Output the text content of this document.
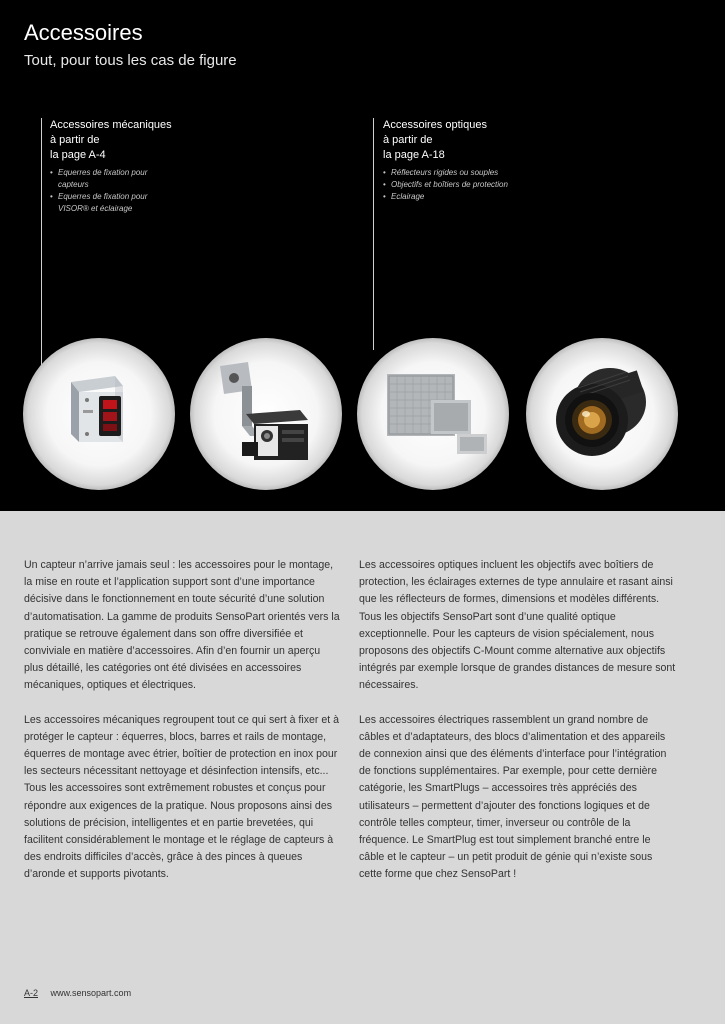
Accessoires

Tout, pour tous les cas de figure

Accessoires mécaniques
à partir de
la page A-4
• Equerres de fixation pour capteurs
• Equerres de fixation pour VISOR® et éclairage
Accessoires optiques
à partir de
la page A-18
• Réflecteurs rigides ou souples
• Objectifs et boîtiers de protection
• Eclairage

Un capteur n’arrive jamais seul : les accessoires pour le montage, la mise en route et l’application support sont d’une importance décisive dans le fonctionnement en toute sécurité d’une solution d’automatisation. La gamme de produits SensoPart orientés vers la pratique se retrouve également dans son offre diversifiée et conviviale en matière d’accessoires. Afin d’en fournir un aperçu plus détaillé, les catégories ont été divisées en accessoires mécaniques, optiques et électriques.

Les accessoires mécaniques regroupent tout ce qui sert à fixer et à protéger le capteur : équerres, blocs, barres et rails de montage, équerres de montage avec étrier, boîtier de protection en inox pour les secteurs nécessitant nettoyage et désinfection intensifs, etc... Tous les accessoires sont extrêmement robustes et conçus pour répondre aux exigences de la pratique. Nous proposons ainsi des solutions de précision, intelligentes et en partie brevetées, qui facilitent considérablement le montage et le réglage de capteurs à des endroits difficiles d’accès, grâce à des pinces à queues d’aronde et supports pivotants.

Les accessoires optiques incluent les objectifs avec boîtiers de protection, les éclairages externes de type annulaire et rasant ainsi que les réflecteurs de formes, dimensions et modèles différents. Tous les objectifs SensoPart sont d’une qualité optique exceptionnelle. Pour les capteurs de vision spécialement, nous proposons des objectifs C-Mount comme alternative aux objectifs intégrés par exemple lorsque de grandes distances de mesure sont nécessaires.

Les accessoires électriques rassemblent un grand nombre de câbles et d’adaptateurs, des blocs d’alimentation et des appareils de connexion ainsi que des éléments d’interface pour l’intégration de fonctions supplémentaires. Par exemple, pour cette dernière catégorie, les SmartPlugs – accessoires très appréciés des utilisateurs – permettent d’ajouter des fonctions logiques et de contrôle telles compteur, timer, inverseur ou contrôle de la fréquence. Le SmartPlug est tout simplement branché entre le câble et le capteur – un petit produit de génie qui n’existe sous cette forme que chez SensoPart !

A-2 www.sensopart.com
